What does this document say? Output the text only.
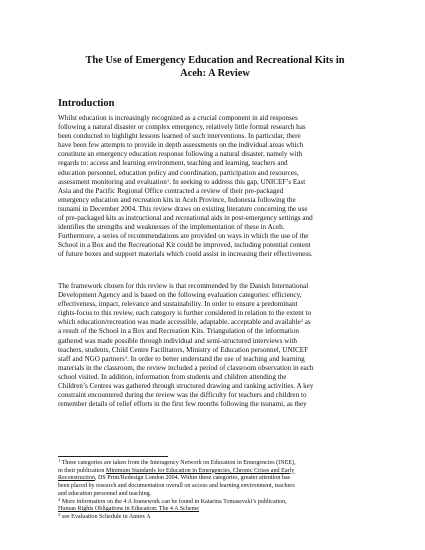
The Use of Emergency Education and Recreational Kits in
Aceh: A Review
Introduction
Whilst education is increasingly recognized as a crucial component in aid responses
following a natural disaster or complex emergency, relatively little formal research has
been conducted to highlight lessons learned of such interventions. In particular, there
have been few attempts to provide in depth assessments on the individual areas which
constitute an emergency education response following a natural disaster, namely with
regards to: access and learning environment, teaching and learning, teachers and
education personnel, education policy and coordination, participation and resources,
assessment monitoring and evaluation$^1$. In seeking to address this gap, UNICEF’s East
Asia and the Pacific Regional Office contracted a review of their pre-packaged
emergency education and recreation kits in Aceh Province, Indonesia following the
tsunami in December 2004. This review draws on existing literature concerning the use
of pre-packaged kits as instructional and recreational aids in post-emergency settings and
identifies the strengths and weaknesses of the implementation of these in Aceh.
Furthermore, a series of recommendations are provided on ways in which the use of the
School in a Box and the Recreational Kit could be improved, including potential content
of future boxes and support materials which could assist in increasing their effectiveness.
The framework chosen for this review is that recommended by the Danish International
Development Agency and is based on the following evaluation categories: efficiency,
effectiveness, impact, relevance and sustainability. In order to ensure a predominant
rights-focus to this review, each category is further considered in relation to the extent to
which education/recreation was made accessible, adaptable, acceptable and available$^2$ as
a result of the School in a Box and Recreation Kits. Triangulation of the information
gathered was made possible through individual and semi-structured interviews with
teachers, students, Child Centre Facilitators, Ministry of Education personnel, UNICEF
staff and NGO partners$^3$. In order to better understand the use of teaching and learning
materials in the classroom, the review included a period of classroom observation in each
school visited. In addition, information from students and children attending the
Children’s Centres was gathered through structured drawing and ranking activities. A key
constraint encountered during the review was the difficulty for teachers and children to
remember details of relief efforts in the first few months following the tsunami, as they
$^1$ These categories are taken from the Interagency Network on Education in Emergencies (INEE),
in their publication Minimum Standards for Education in Emergencies, Chronic Crises and Early
Reconstruction, DS Print/Redesign London 2004. Within these categories, greater attention has
been placed by research and documentation overall on access and learning environment, teachers
and education personnel and teaching.
$^2$ More information on the 4 A framework can be found in Katarina Tomasevski’s publication,
Human Rights Obligations in Education: The 4 A Scheme
$^3$ see Evaluation Schedule in Annex A
